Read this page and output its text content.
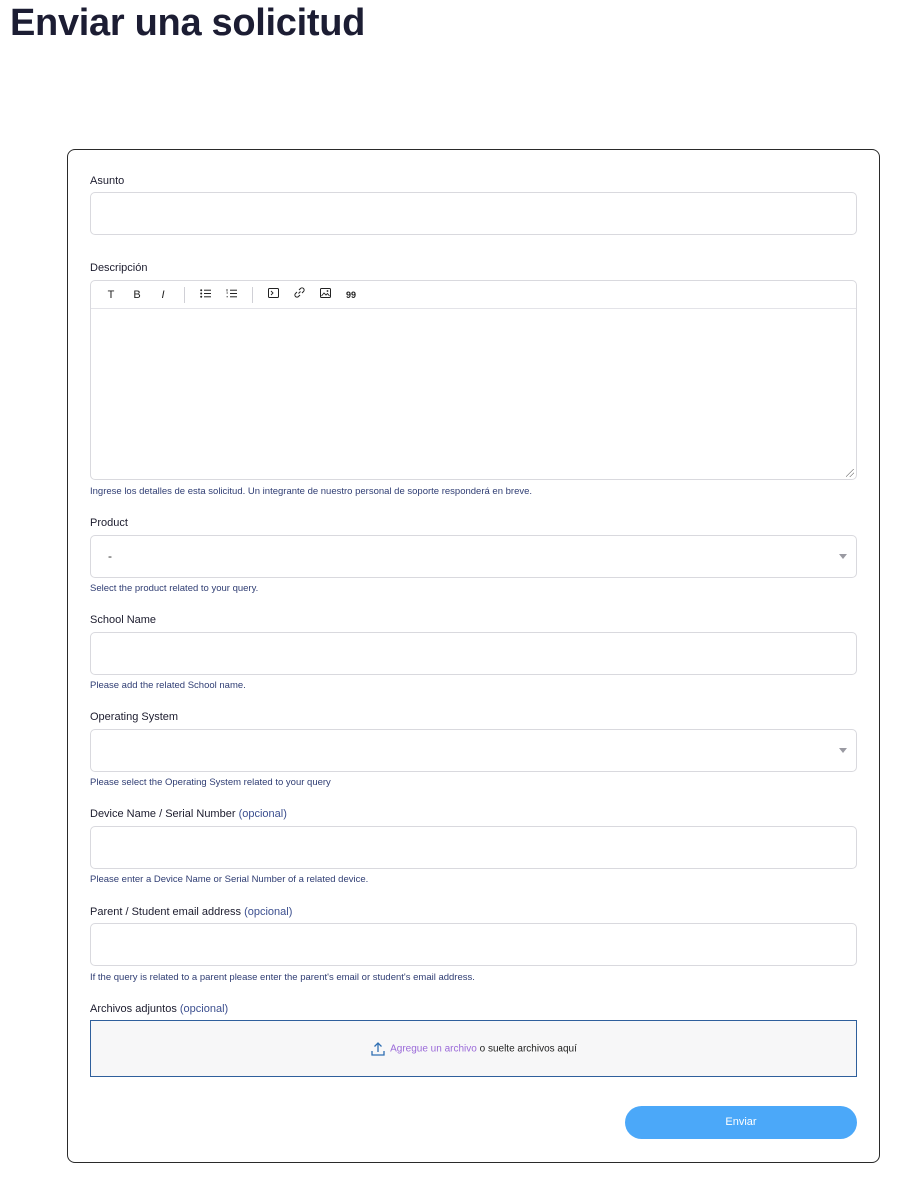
Enviar una solicitud
Asunto
Descripción
T	B	I	99
Ingrese los detalles de esta solicitud. Un integrante de nuestro personal de soporte responderá en breve.
Product
-
Select the product related to your query.
School Name
Please add the related School name.
Operating System
Please select the Operating System related to your query
Device Name / Serial Number (opcional)
Please enter a Device Name or Serial Number of a related device.
Parent / Student email address (opcional)
If the query is related to a parent please enter the parent's email or student's email address.
Archivos adjuntos (opcional)
Agregue un archivo o suelte archivos aquí
Enviar
